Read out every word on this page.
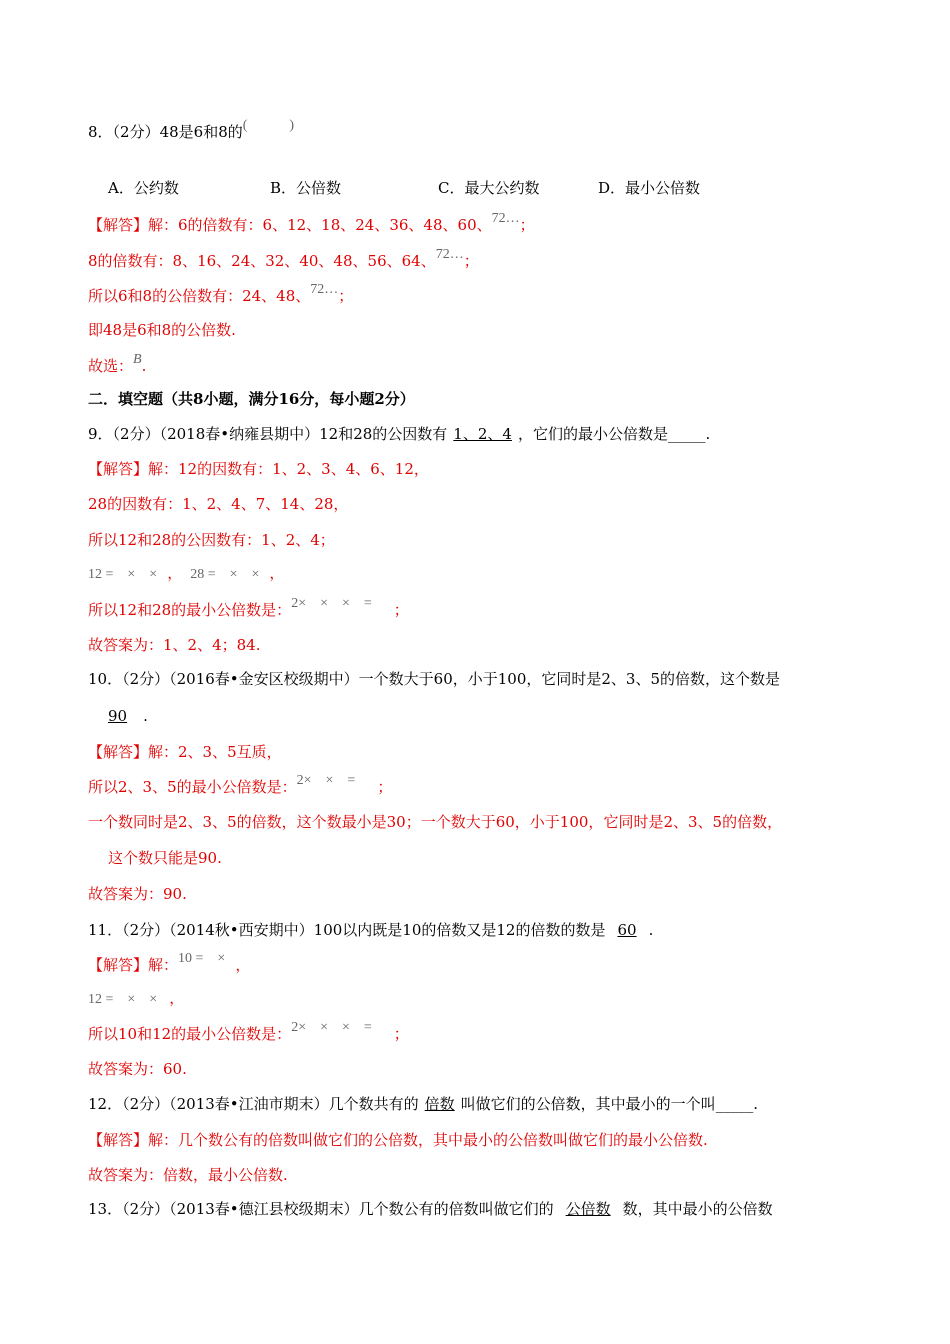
8．（2分）48是6和8的(　　　)
A．公约数	B．公倍数	C．最大公约数	D．最小公倍数
【解答】解：6的倍数有：6、12、18、24、36、48、60、72…；
8的倍数有：8、16、24、32、40、48、56、64、72…；
所以6和8的公倍数有：24、48、72…；
即48是6和8的公倍数.
故选：B.
二．填空题（共8小题，满分16分，每小题2分）
9．（2分）（2018春•纳雍县期中）12和28的公因数有 1、2、4 ，它们的最小公倍数是_____.
【解答】解：12的因数有：1、2、3、4、6、12，
28的因数有：1、2、4、7、14、28，
所以12和28的公因数有：1、2、4；
12 =　×　× ， 28 =　×　× ，
所以12和28的最小公倍数是：2×　×　×　= ；
故答案为：1、2、4；84.
10．（2分）（2016春•金安区校级期中）一个数大于60，小于100，它同时是2、3、5的倍数，这个数是
90 .
【解答】解：2、3、5互质，
所以2、3、5的最小公倍数是：2×　×　= ；
一个数同时是2、3、5的倍数，这个数最小是30；一个数大于60，小于100，它同时是2、3、5的倍数，
这个数只能是90.
故答案为：90.
11．（2分）（2014秋•西安期中）100以内既是10的倍数又是12的倍数的数是 60 .
【解答】解：10 =　× ，
12 =　×　× ，
所以10和12的最小公倍数是：2×　×　×　= ；
故答案为：60.
12．（2分）（2013春•江油市期末）几个数共有的 倍数 叫做它们的公倍数，其中最小的一个叫_____.
【解答】解：几个数公有的倍数叫做它们的公倍数，其中最小的公倍数叫做它们的最小公倍数.
故答案为：倍数，最小公倍数.
13．（2分）（2013春•德江县校级期末）几个数公有的倍数叫做它们的 公倍数 数，其中最小的公倍数
